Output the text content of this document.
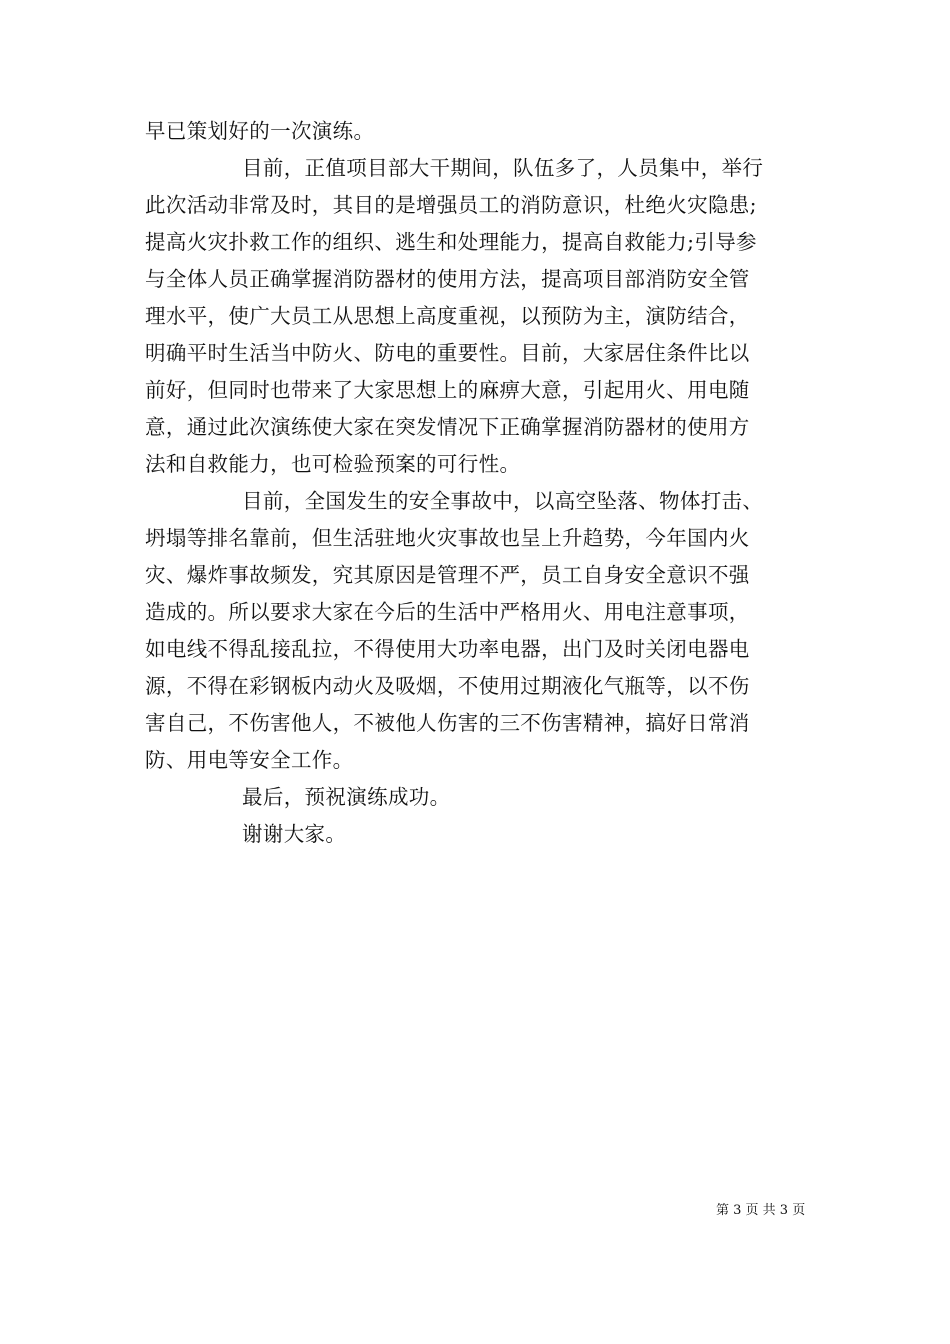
早已策划好的一次演练。
目前，正值项目部大干期间，队伍多了，人员集中，举行
此次活动非常及时，其目的是增强员工的消防意识，杜绝火灾隐患;
提高火灾扑救工作的组织、逃生和处理能力，提高自救能力;引导参
与全体人员正确掌握消防器材的使用方法，提高项目部消防安全管
理水平，使广大员工从思想上高度重视，以预防为主，演防结合，
明确平时生活当中防火、防电的重要性。目前，大家居住条件比以
前好，但同时也带来了大家思想上的麻痹大意，引起用火、用电随
意，通过此次演练使大家在突发情况下正确掌握消防器材的使用方
法和自救能力，也可检验预案的可行性。
目前，全国发生的安全事故中，以高空坠落、物体打击、
坍塌等排名靠前，但生活驻地火灾事故也呈上升趋势，今年国内火
灾、爆炸事故频发，究其原因是管理不严，员工自身安全意识不强
造成的。所以要求大家在今后的生活中严格用火、用电注意事项，
如电线不得乱接乱拉，不得使用大功率电器，出门及时关闭电器电
源，不得在彩钢板内动火及吸烟，不使用过期液化气瓶等，以不伤
害自己，不伤害他人，不被他人伤害的三不伤害精神，搞好日常消
防、用电等安全工作。
最后，预祝演练成功。
谢谢大家。
第 3 页 共 3 页
